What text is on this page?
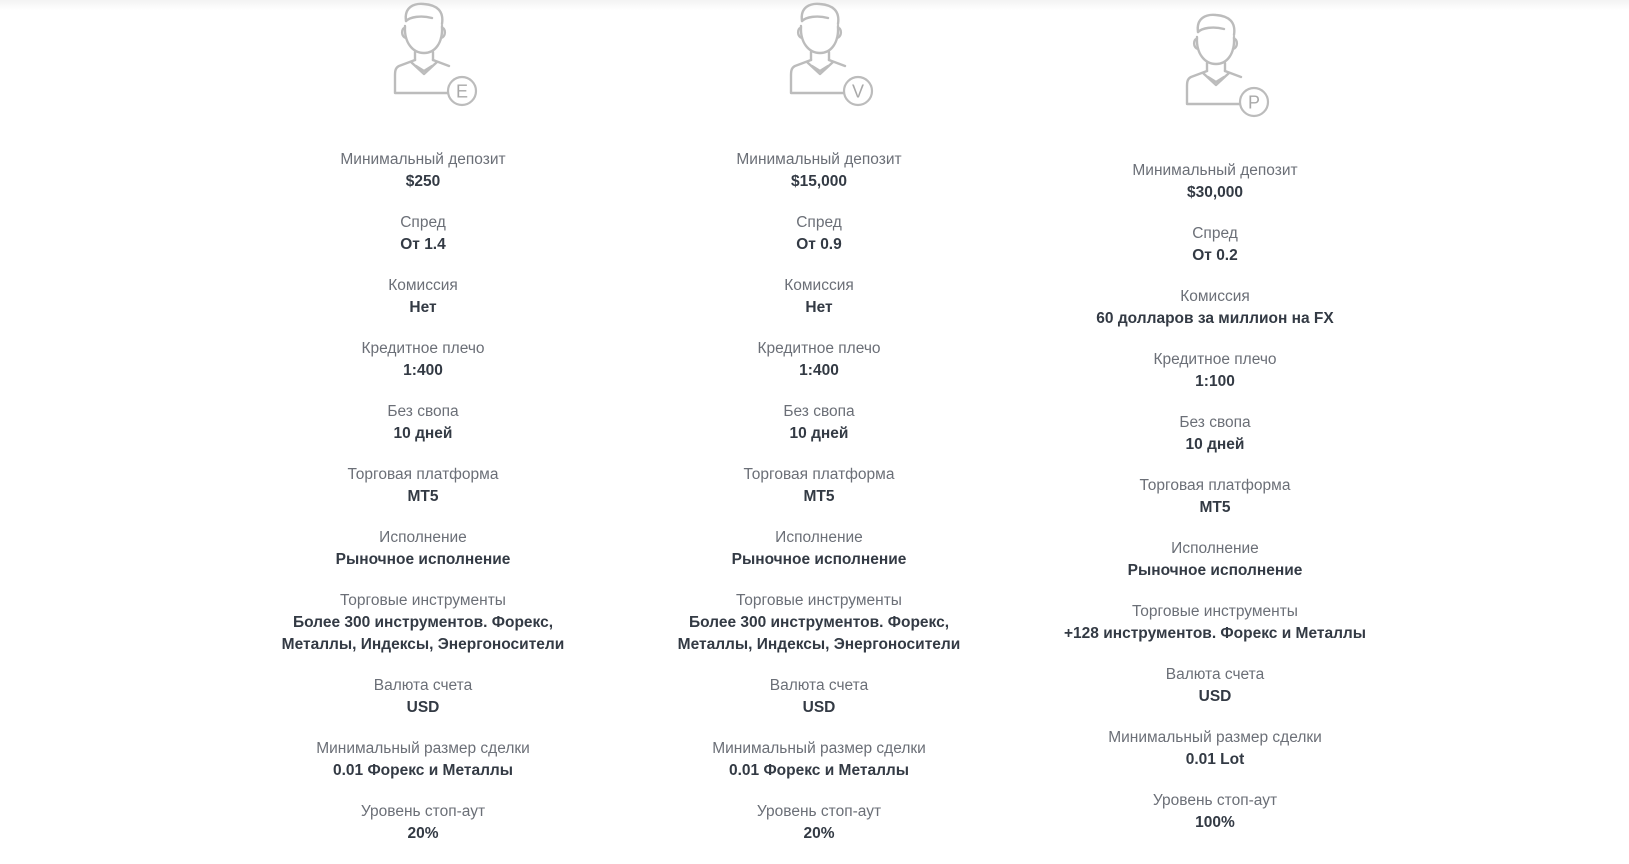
E
Минимальный депозит
$250
Спред
От 1.4
Комиссия
Нет
Кредитное плечо
1:400
Без свопа
10 дней
Торговая платформа
MT5
Исполнение
Рыночное исполнение
Торговые инструменты
Более 300 инструментов. Форекс,
Металлы, Индексы, Энергоносители
Валюта счета
USD
Минимальный размер сделки
0.01 Форекс и Металлы
Уровень стоп-аут
20%
V
Минимальный депозит
$15,000
Спред
От 0.9
Комиссия
Нет
Кредитное плечо
1:400
Без свопа
10 дней
Торговая платформа
MT5
Исполнение
Рыночное исполнение
Торговые инструменты
Более 300 инструментов. Форекс,
Металлы, Индексы, Энергоносители
Валюта счета
USD
Минимальный размер сделки
0.01 Форекс и Металлы
Уровень стоп-аут
20%
P
Минимальный депозит
$30,000
Спред
От 0.2
Комиссия
60 долларов за миллион на FX
Кредитное плечо
1:100
Без свопа
10 дней
Торговая платформа
MT5
Исполнение
Рыночное исполнение
Торговые инструменты
+128 инструментов. Форекс и Металлы
Валюта счета
USD
Минимальный размер сделки
0.01 Lot
Уровень стоп-аут
100%
